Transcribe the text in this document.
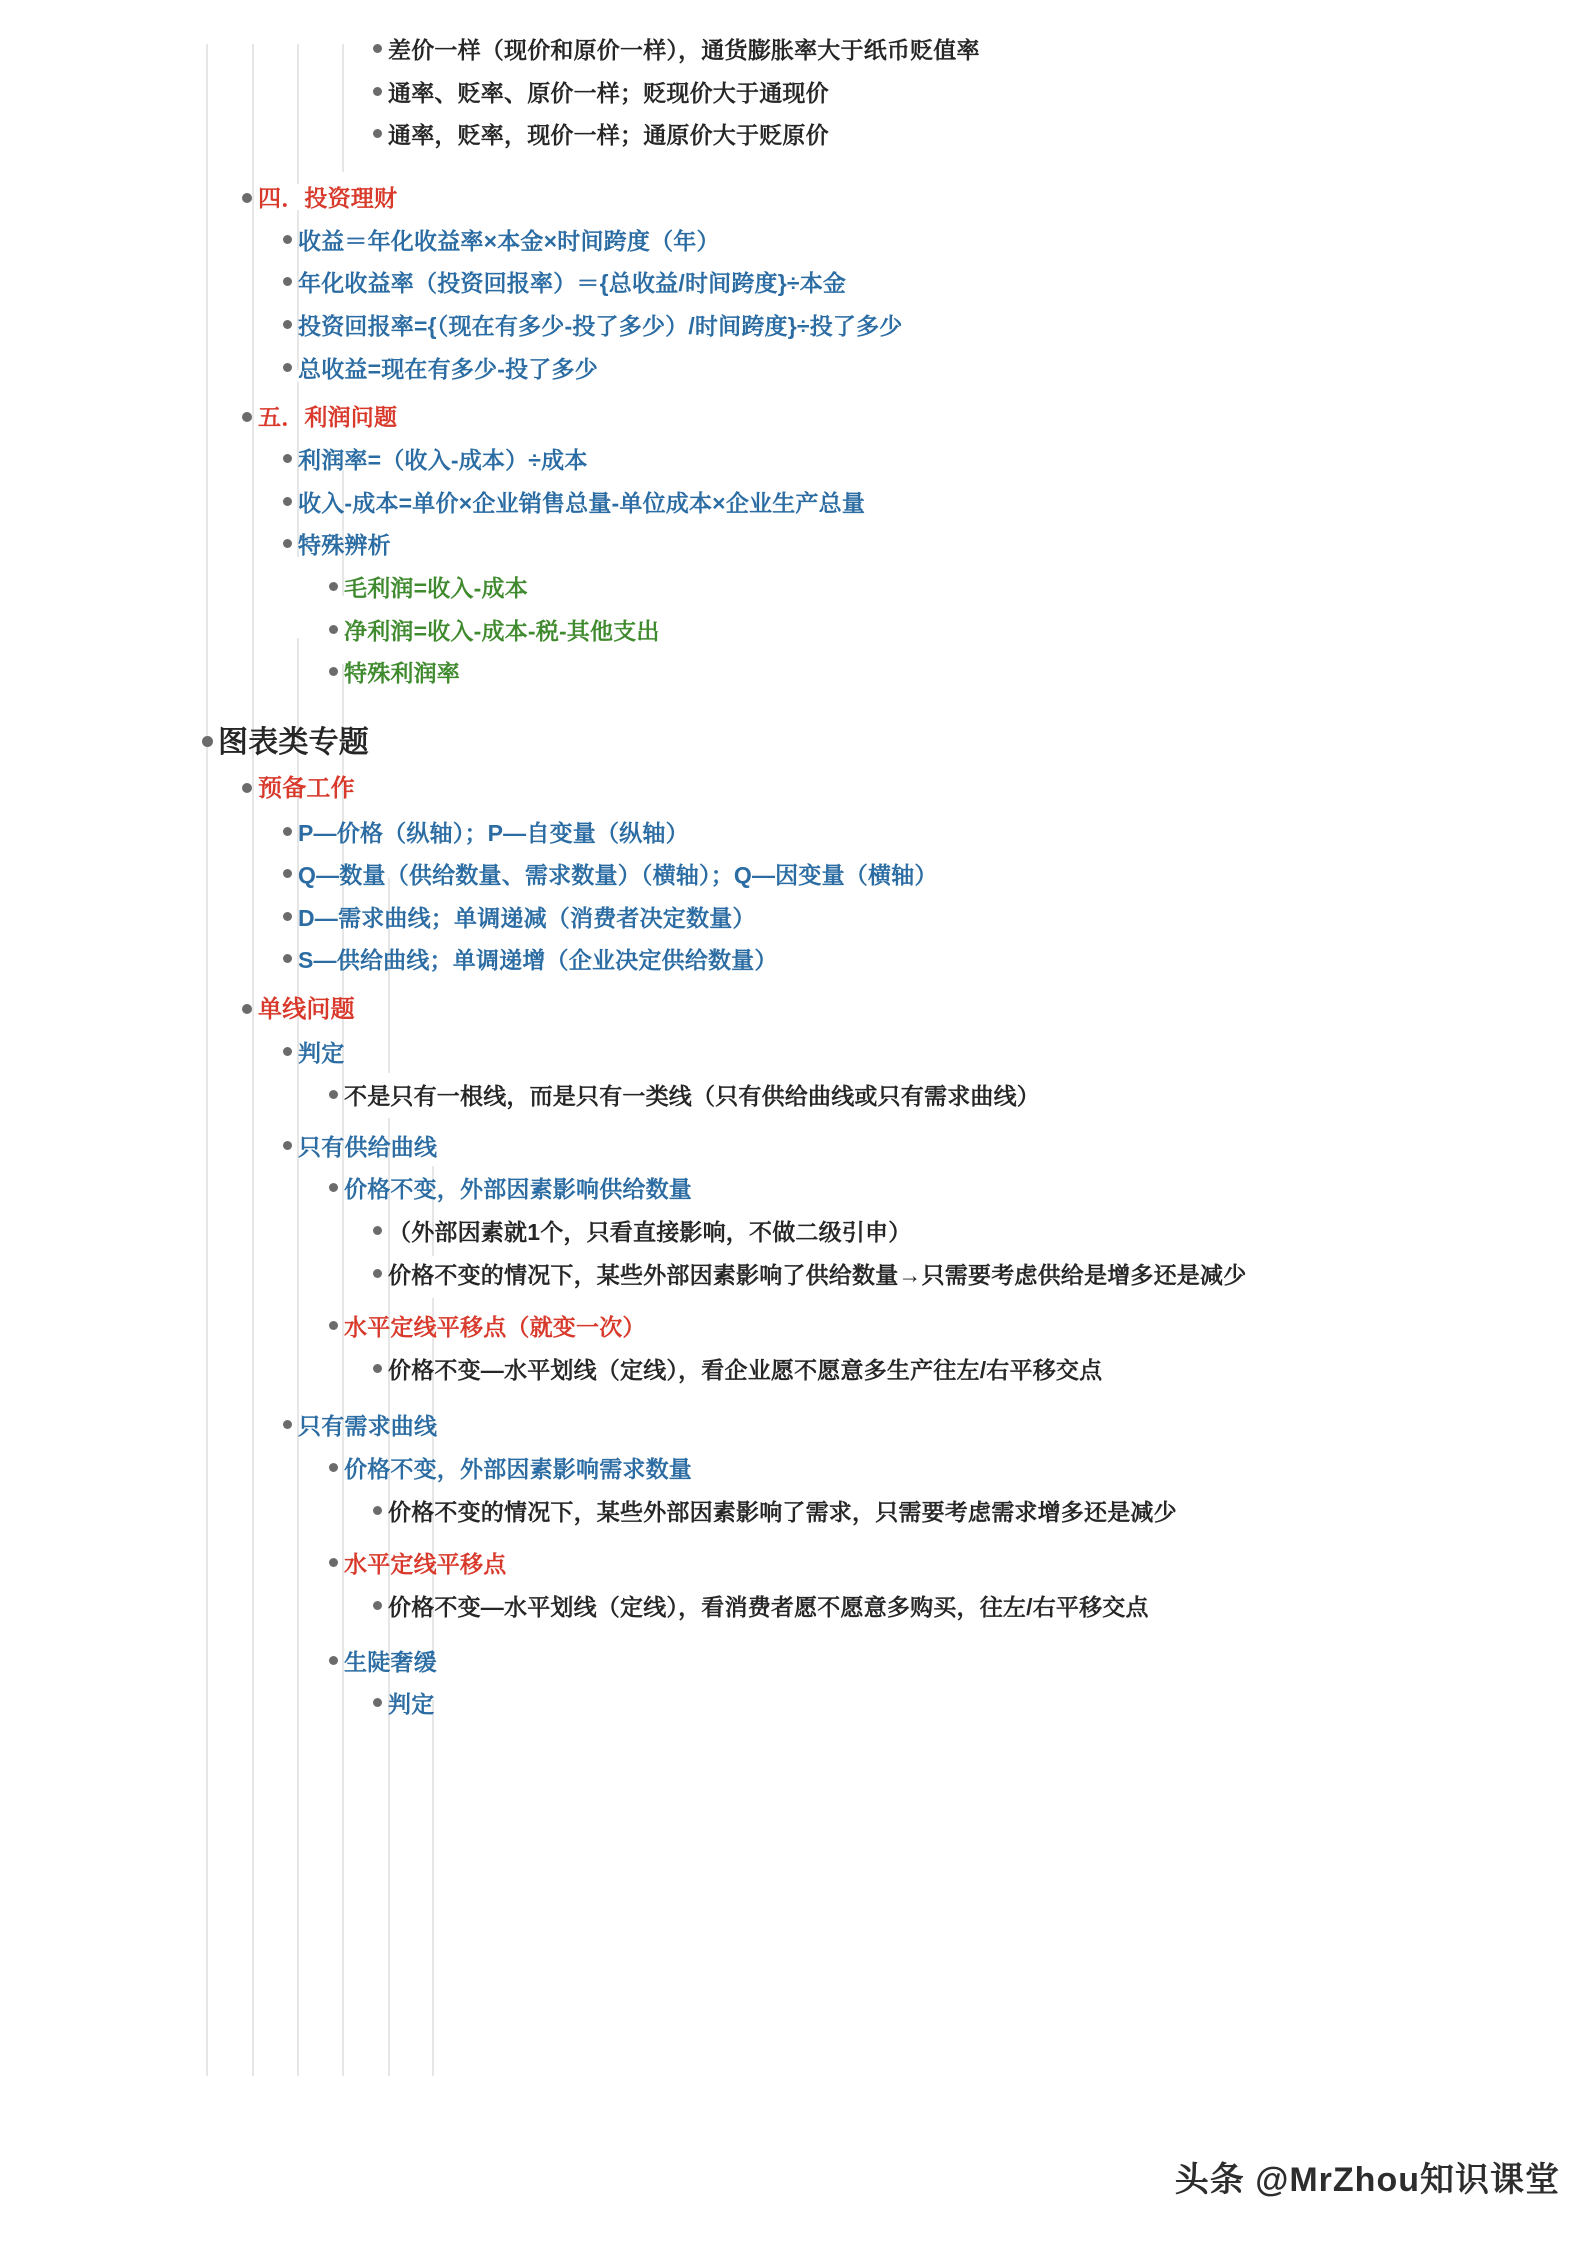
差价一样（现价和原价一样），通货膨胀率大于纸币贬值率
通率、贬率、原价一样；贬现价大于通现价
通率，贬率，现价一样；通原价大于贬原价
四．投资理财
收益＝年化收益率×本金×时间跨度（年）
年化收益率（投资回报率）＝{总收益/时间跨度}÷本金
投资回报率={（现在有多少-投了多少）/时间跨度}÷投了多少
总收益=现在有多少-投了多少
五．利润问题
利润率=（收入-成本）÷成本
收入-成本=单价×企业销售总量-单位成本×企业生产总量
特殊辨析
毛利润=收入-成本
净利润=收入-成本-税-其他支出
特殊利润率
图表类专题
预备工作
P—价格（纵轴）；P—自变量（纵轴）
Q—数量（供给数量、需求数量）（横轴）；Q—因变量（横轴）
D—需求曲线；单调递减（消费者决定数量）
S—供给曲线；单调递增（企业决定供给数量）
单线问题
判定
不是只有一根线，而是只有一类线（只有供给曲线或只有需求曲线）
只有供给曲线
价格不变，外部因素影响供给数量
（外部因素就1个，只看直接影响，不做二级引申）
价格不变的情况下，某些外部因素影响了供给数量→只需要考虑供给是增多还是减少
水平定线平移点（就变一次）
价格不变—水平划线（定线），看企业愿不愿意多生产往左/右平移交点
只有需求曲线
价格不变，外部因素影响需求数量
价格不变的情况下，某些外部因素影响了需求，只需要考虑需求增多还是减少
水平定线平移点
价格不变—水平划线（定线），看消费者愿不愿意多购买，往左/右平移交点
生陡奢缓
判定
头条 @MrZhou知识课堂
